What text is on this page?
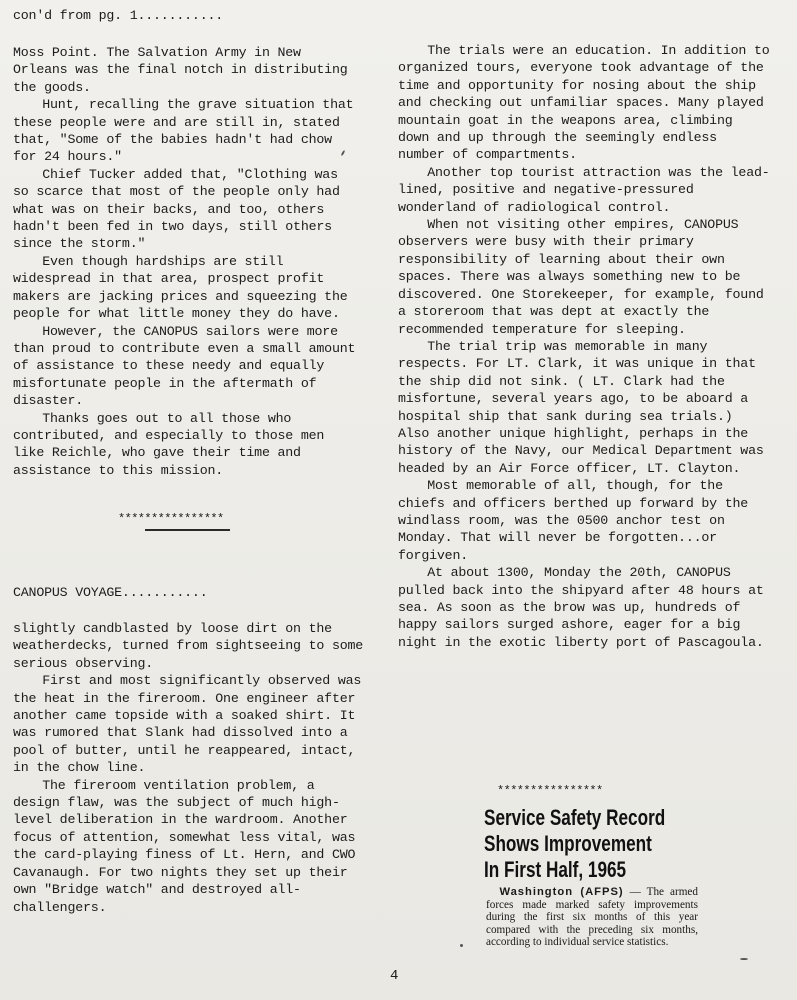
con'd from pg. 1...........

Moss Point. The Salvation Army in New Orleans was the final notch in distributing the goods.

Hunt, recalling the grave situation that these people were and are still in, stated that, "Some of the babies hadn't had chow for 24 hours."

Chief Tucker added that, "Clothing was so scarce that most of the people only had what was on their backs, and too, others hadn't been fed in two days, still others since the storm."

Even though hardships are still widespread in that area, prospect profit makers are jacking prices and squeezing the people for what little money they do have.

However, the CANOPUS sailors were more than proud to contribute even a small amount of assistance to these needy and equally misfortunate people in the aftermath of disaster.

Thanks goes out to all those who contributed, and especially to those men like Reichle, who gave their time and assistance to this mission.

****************
CANOPUS VOYAGE...........

slightly candblasted by loose dirt on the weatherdecks, turned from sightseeing to some serious observing.

First and most significantly observed was the heat in the fireroom. One engineer after another came topside with a soaked shirt. It was rumored that Slank had dissolved into a pool of butter, until he reappeared, intact, in the chow line.

The fireroom ventilation problem, a design flaw, was the subject of much high-level deliberation in the wardroom. Another focus of attention, somewhat less vital, was the card-playing finess of Lt. Hern, and CWO Cavanaugh. For two nights they set up their own "Bridge watch" and destroyed all-challengers.

The trials were an education. In addition to organized tours, everyone took advantage of the time and opportunity for nosing about the ship and checking out unfamiliar spaces. Many played mountain goat in the weapons area, climbing down and up through the seemingly endless number of compartments.

Another top tourist attraction was the lead-lined, positive and negative-pressured wonderland of radiological control.

When not visiting other empires, CANOPUS observers were busy with their primary responsibility of learning about their own spaces. There was always something new to be discovered. One Storekeeper, for example, found a storeroom that was dept at exactly the recommended temperature for sleeping.

The trial trip was memorable in many respects. For LT. Clark, it was unique in that the ship did not sink. ( LT. Clark had the misfortune, several years ago, to be aboard a hospital ship that sank during sea trials.) Also another unique highlight, perhaps in the history of the Navy, our Medical Department was headed by an Air Force officer, LT. Clayton.

Most memorable of all, though, for the chiefs and officers berthed up forward by the windlass room, was the 0500 anchor test on Monday. That will never be forgotten...or forgiven.

At about 1300, Monday the 20th, CANOPUS pulled back into the shipyard after 48 hours at sea. As soon as the brow was up, hundreds of happy sailors surged ashore, eager for a big night in the exotic liberty port of Pascagoula.

****************
Service Safety Record
Shows Improvement
In First Half, 1965
Washington (AFPS) — The armed forces made marked safety improvements during the first six months of this year compared with the preceding six months, according to individual service statistics.
4
